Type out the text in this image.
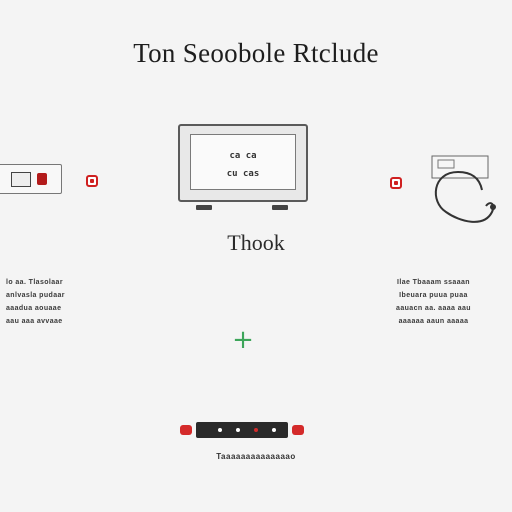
Ton Seoobole Rtclude
ca ca
cu cas
Thook
lo aa. Tlasolaar
anlvasla pudaar
aaadua aouaae
aau aaa avvaae
Ilae Tbaaam ssaaan
Ibeuara puua puaa
aauacn aa. aaaa aau
aaaaaa aaun aaaaa
+
Taaaaaaaaaaaaaao
